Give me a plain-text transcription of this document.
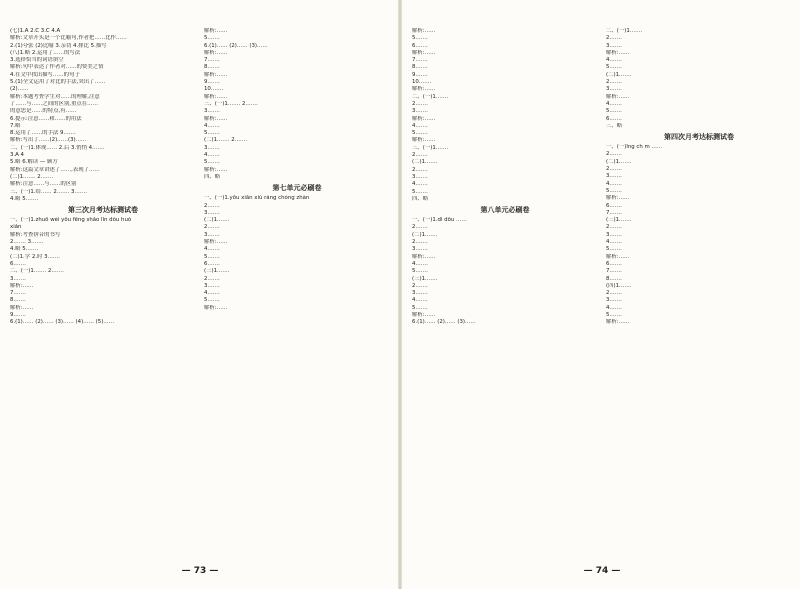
(七)1.A 2.C 3.C 4.A
解析:文章开头是一个比喻句,作者把……比作……
2.(1)夸张 (2)比喻 3.亲切 4.排比 5.描写
(八)1.略 2.运用了……的写法
3.选择恰当的词语填空
解析:句中表达了作者对……的赞美之情
4.在文中找出描写……的句子
5.(1)全文运用了对比的手法,突出了……
(2)……
解析:本题考查学生对……的理解,注意
了……与……之间的区别,重点在……
的意思是……的特点,有……
6.提示:注意……和……的用法
7.略
8.运用了……的手法 9.……
解析:写出了……(2)……(3)……
二、(一)1.体现…… 2.后 3.悄悄 4.……
3.A 4
5.略 6.解读 — 顾方
解析:这篇文章讲述了……,表现了……
(二)1.…… 2.……
解析:注意……与……的区别
三、(一)1.给…… 2.…… 3.……
4.略 5.……
第三次月考达标测试卷
一、(一)1.zhuō wèi yōu fēng shǎo lǐn dǒu huǒ
xiǎn
解析:考查拼音的书写
2.…… 3.……
4.略 5.……
(二)1.学 2.时 3.……
6.……
二、(一)1.…… 2.……
3.……
解析:……
7.……
8.……
解析:……
9.……
6.(1)…… (2)…… (3)…… (4)…… (5)……
解析:……
5.……
6.(1)…… (2)…… (3)……
解析:……
7.……
8.……
解析:……
9.……
10.……
解析:……
三、(一)1.…… 2.……
3.……
解析:……
4.……
5.……
(二)1.…… 2.……
3.……
4.……
5.……
解析:……
四、略
第七单元必刷卷
一、(一)1.yōu xiān xiù ráng chóng zhàn
2.……
3.……
(二)1.……
2.……
3.……
解析:……
4.……
5.……
6.……
(三)1.……
2.……
3.……
4.……
5.……
解析:……
— 73 —
解析:……
5.……
6.……
解析:……
7.……
8.……
9.……
10.……
解析:……
二、(一)1.……
2.……
3.……
解析:……
4.……
5.……
解析:……
三、(一)1.……
2.……
(二)1.……
2.……
3.……
4.……
5.……
四、略
第八单元必刷卷
一、(一)1.dì dōu ……
2.……
(二)1.……
2.……
3.……
解析:……
4.……
5.……
(三)1.……
2.……
3.……
4.……
5.……
解析:……
6.(1)…… (2)…… (3)……
二、(一)1.……
2.……
3.……
解析:……
4.……
5.……
(二)1.……
2.……
3.……
解析:……
4.……
5.……
6.……
三、略
第四次月考达标测试卷
一、(一)ǐng ch m ……
2.……
(二)1.……
2.……
3.……
4.……
5.……
解析:……
6.……
7.……
(三)1.……
2.……
3.……
4.……
5.……
解析:……
6.……
7.……
8.……
(四)1.……
2.……
3.……
4.……
5.……
解析:……
— 74 —
